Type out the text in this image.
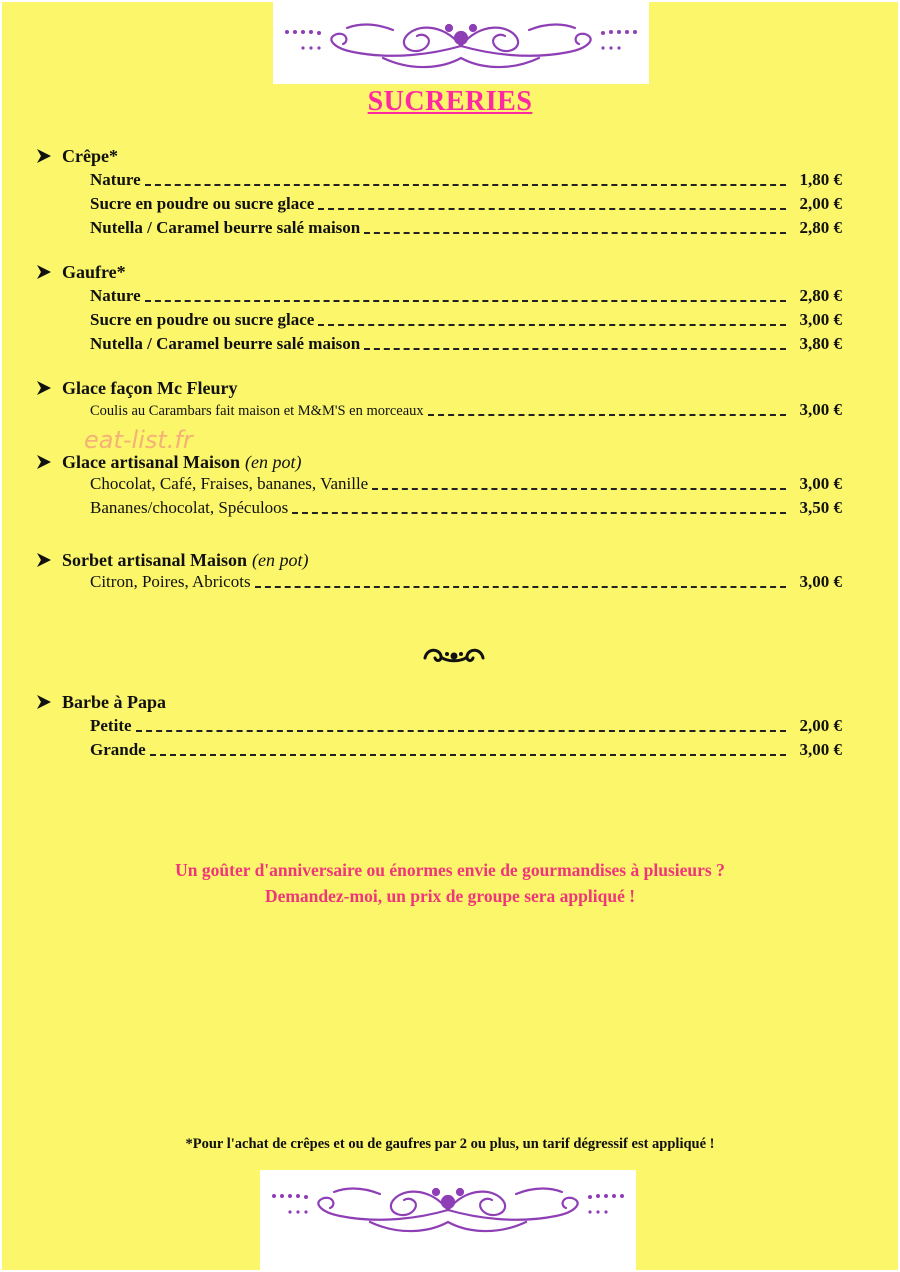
SUCRERIES
eat-list.fr
Crêpe*
Nature	1,80 €
Sucre en poudre ou sucre glace	2,00 €
Nutella / Caramel beurre salé maison	2,80 €
Gaufre*
Nature	2,80 €
Sucre en poudre ou sucre glace	3,00 €
Nutella / Caramel beurre salé maison	3,80 €
Glace façon Mc Fleury
Coulis au Carambars fait maison et M&M'S en morceaux	3,00 €
Glace artisanal Maison (en pot)
Chocolat, Café, Fraises, bananes, Vanille	3,00 €
Bananes/chocolat, Spéculoos	3,50 €
Sorbet artisanal Maison (en pot)
Citron, Poires, Abricots	3,00 €
Barbe à Papa
Petite	2,00 €
Grande	3,00 €
Un goûter d'anniversaire ou énormes envie de gourmandises à plusieurs ?
Demandez-moi, un prix de groupe sera appliqué !
*Pour l'achat de crêpes et ou de gaufres par 2 ou plus, un tarif dégressif est appliqué !
